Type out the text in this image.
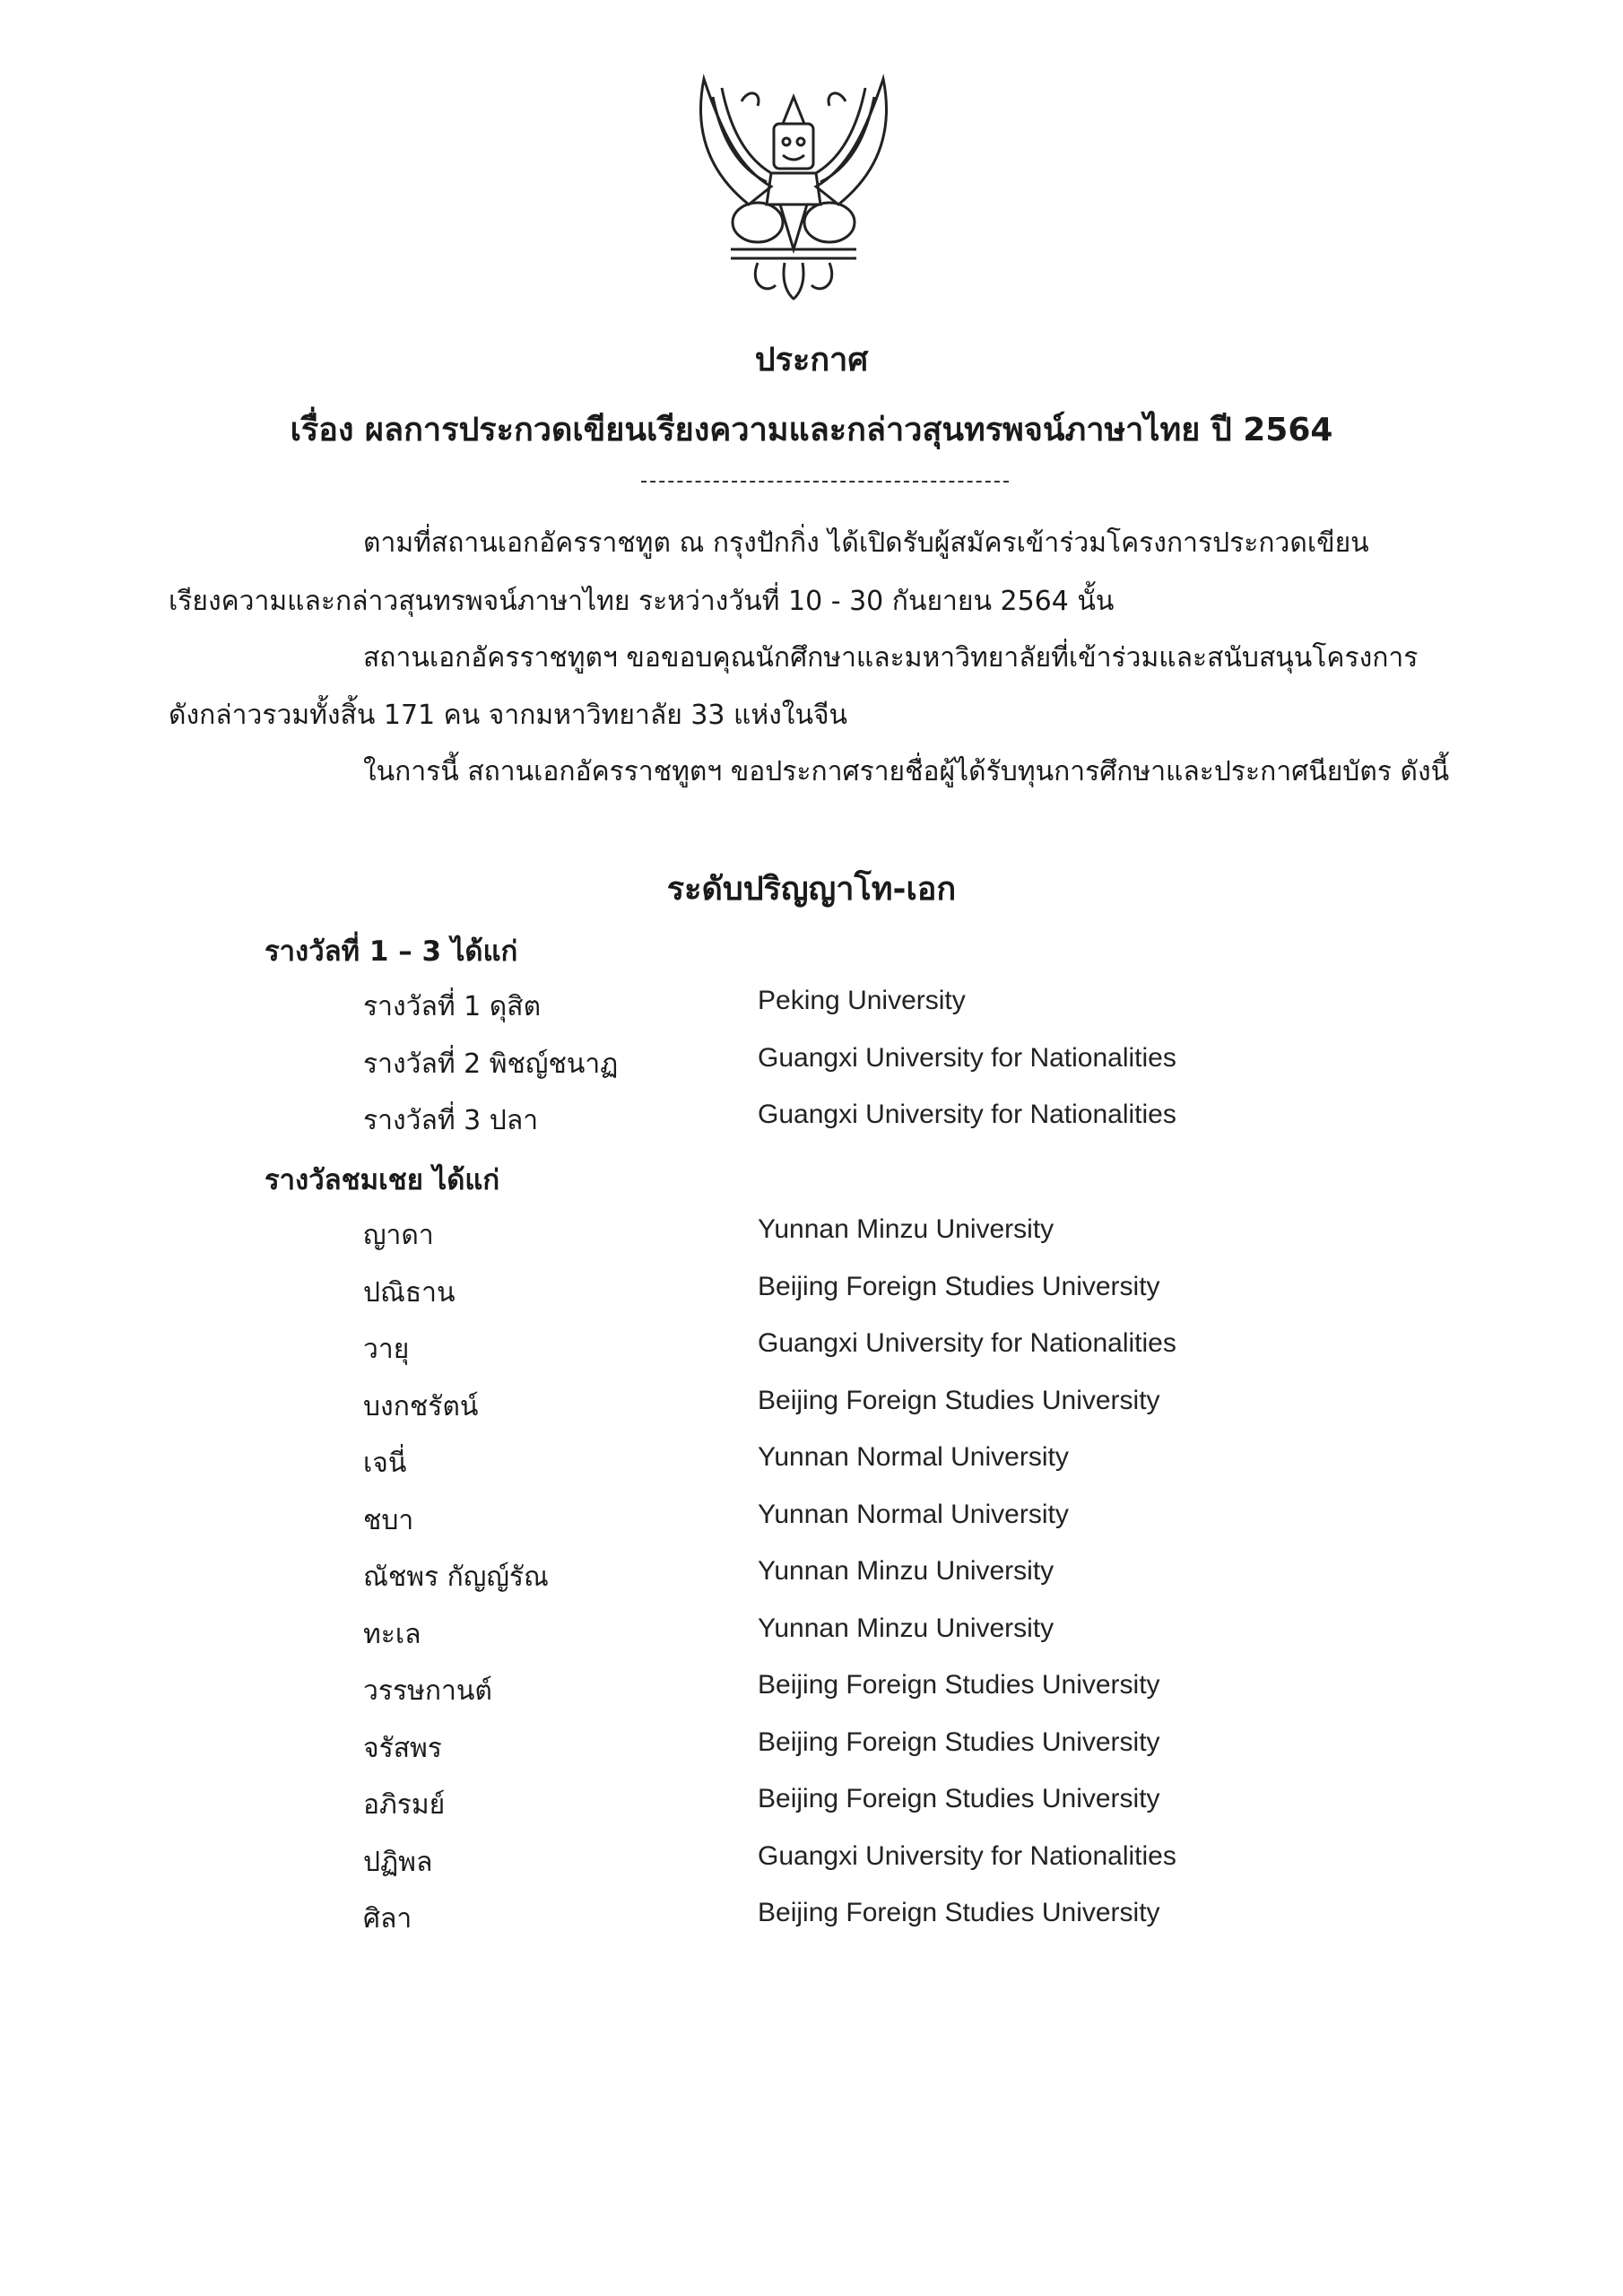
ประกาศ
เรื่อง ผลการประกวดเขียนเรียงความและกล่าวสุนทรพจน์ภาษาไทย ปี 2564
ตามที่สถานเอกอัครราชทูต ณ กรุงปักกิ่ง ได้เปิดรับผู้สมัครเข้าร่วมโครงการประกวดเขียน
เรียงความและกล่าวสุนทรพจน์ภาษาไทย ระหว่างวันที่ 10 - 30 กันยายน 2564 นั้น
สถานเอกอัครราชทูตฯ ขอขอบคุณนักศึกษาและมหาวิทยาลัยที่เข้าร่วมและสนับสนุนโครงการ
ดังกล่าวรวมทั้งสิ้น 171 คน จากมหาวิทยาลัย 33 แห่งในจีน
ในการนี้ สถานเอกอัครราชทูตฯ ขอประกาศรายชื่อผู้ได้รับทุนการศึกษาและประกาศนียบัตร ดังนี้
ระดับปริญญาโท-เอก
รางวัลที่ 1 – 3 ได้แก่
รางวัลที่ 1 ดุสิต	Peking University
รางวัลที่ 2 พิชญ์ชนาฏ	Guangxi University for Nationalities
รางวัลที่ 3 ปลา	Guangxi University for Nationalities
รางวัลชมเชย ได้แก่
ญาดา	Yunnan Minzu University
ปณิธาน	Beijing Foreign Studies University
วายุ	Guangxi University for Nationalities
บงกชรัตน์	Beijing Foreign Studies University
เจนี่	Yunnan Normal University
ชบา	Yunnan Normal University
ณัชพร กัญญ์รัณ	Yunnan Minzu University
ทะเล	Yunnan Minzu University
วรรษกานต์	Beijing Foreign Studies University
จรัสพร	Beijing Foreign Studies University
อภิรมย์	Beijing Foreign Studies University
ปฏิพล	Guangxi University for Nationalities
ศิลา	Beijing Foreign Studies University
